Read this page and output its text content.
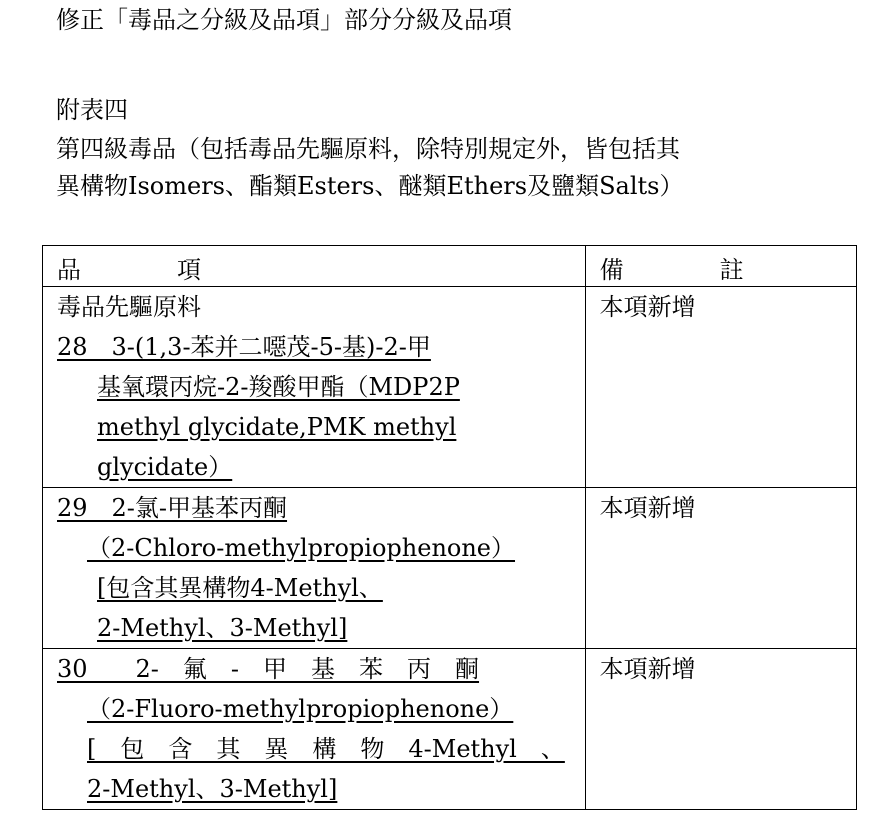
修正「毒品之分級及品項」部分分級及品項
附表四
第四級毒品（包括毒品先驅原料，除特別規定外，皆包括其
異構物Isomers、酯類Esters、醚類Ethers及鹽類Salts）
品　　　　項	備　　　　註

毒品先驅原料
28　3-(1,3-苯并二噁茂-5-基)-2-甲
基氧環丙烷-2-羧酸甲酯（MDP2P
methyl glycidate,PMK methyl
glycidate）	本項新增

29　2-氯-甲基苯丙酮
（2-Chloro-methylpropiophenone）
[包含其異構物4-Methyl、
2-Methyl、3-Methyl]	本項新增

30　　2-　氟　-　甲　基　苯　丙　酮
（2-Fluoro-methylpropiophenone）
[　包　含　其　異　構　物　4-Methyl　、
2-Methyl、3-Methyl]	本項新增
